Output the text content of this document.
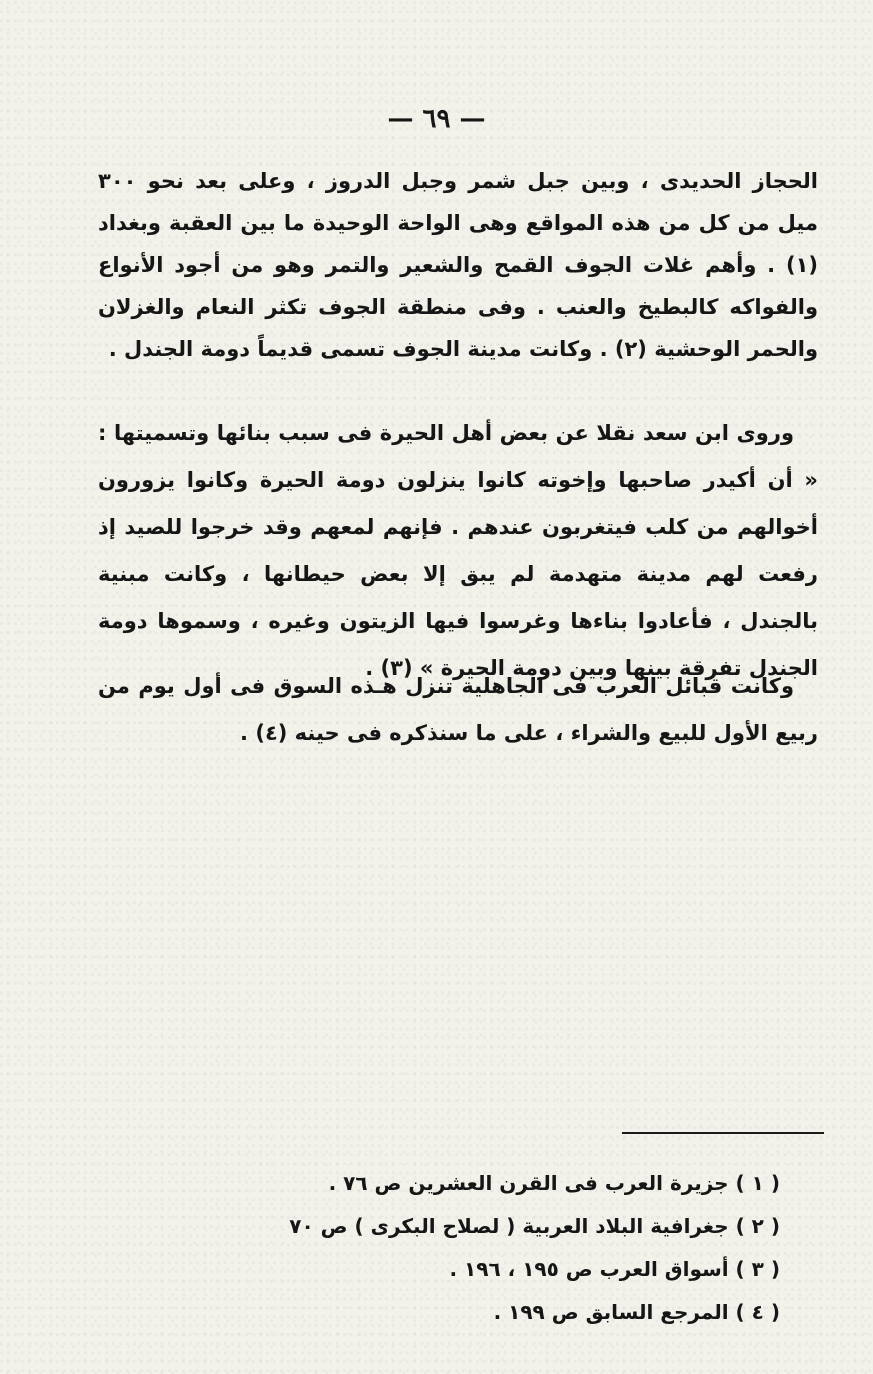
— ٦٩ —

الحجاز الحديدى ، وبين جبل شمر وجبل الدروز ، وعلى بعد نحو ٣٠٠ ميل من كل من هذه المواقع وهى الواحة الوحيدة ما بين العقبة وبغداد (١) . وأهم غلات الجوف القمح والشعير والتمر وهو من أجود الأنواع والفواكه كالبطيخ والعنب . وفى منطقة الجوف تكثر النعام والغزلان والحمر الوحشية (٢) . وكانت مدينة الجوف تسمى قديماً دومة الجندل .

وروى ابن سعد نقلا عن بعض أهل الحيرة فى سبب بنائها وتسميتها : « أن أكيدر صاحبها وإخوته كانوا ينزلون دومة الحيرة وكانوا يزورون أخوالهم من كلب فيتغربون عندهم . فإنهم لمعهم وقد خرجوا للصيد إذ رفعت لهم مدينة متهدمة لم يبق إلا بعض حيطانها ، وكانت مبنية بالجندل ، فأعادوا بناءها وغرسوا فيها الزيتون وغيره ، وسموها دومة الجندل تفرقة بينها وبين دومة الحيرة » (٣) .

وكانت قبائل العرب فى الجاهلية تنزل هـذه السوق فى أول يوم من ربيع الأول للبيع والشراء ، على ما سنذكره فى حينه (٤) .

( ١ ) جزيرة العرب فى القرن العشرين ص ٧٦ .
( ٢ ) جغرافية البلاد العربية ( لصلاح البكرى ) ص ٧٠
( ٣ ) أسواق العرب ص ١٩٥ ، ١٩٦ .
( ٤ ) المرجع السابق ص ١٩٩ .
